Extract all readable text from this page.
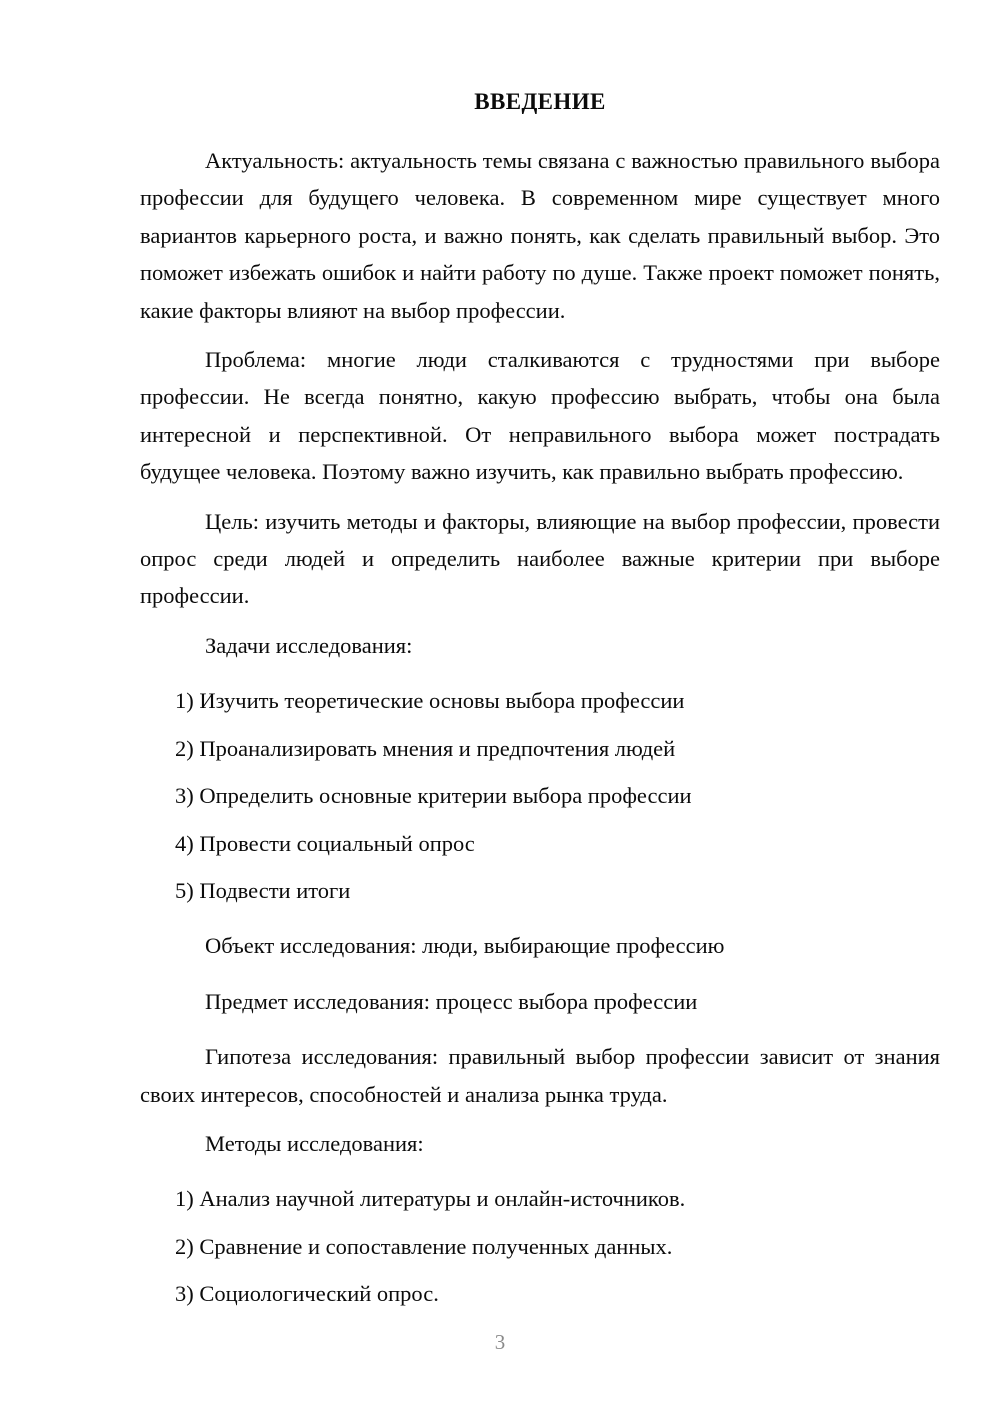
ВВЕДЕНИЕ

Актуальность: актуальность темы связана с важностью правильного выбора профессии для будущего человека. В современном мире существует много вариантов карьерного роста, и важно понять, как сделать правильный выбор. Это поможет избежать ошибок и найти работу по душе. Также проект поможет понять, какие факторы влияют на выбор профессии.

Проблема: многие люди сталкиваются с трудностями при выборе профессии. Не всегда понятно, какую профессию выбрать, чтобы она была интересной и перспективной. От неправильного выбора может пострадать будущее человека. Поэтому важно изучить, как правильно выбрать профессию.

Цель: изучить методы и факторы, влияющие на выбор профессии, провести опрос среди людей и определить наиболее важные критерии при выборе профессии.

Задачи исследования:

1) Изучить теоретические основы выбора профессии
2) Проанализировать мнения и предпочтения людей
3) Определить основные критерии выбора профессии
4) Провести социальный опрос
5) Подвести итоги

Объект исследования: люди, выбирающие профессию

Предмет исследования: процесс выбора профессии

Гипотеза исследования: правильный выбор профессии зависит от знания своих интересов, способностей и анализа рынка труда.

Методы исследования:

1) Анализ научной литературы и онлайн-источников.
2) Сравнение и сопоставление полученных данных.
3) Социологический опрос.
3
